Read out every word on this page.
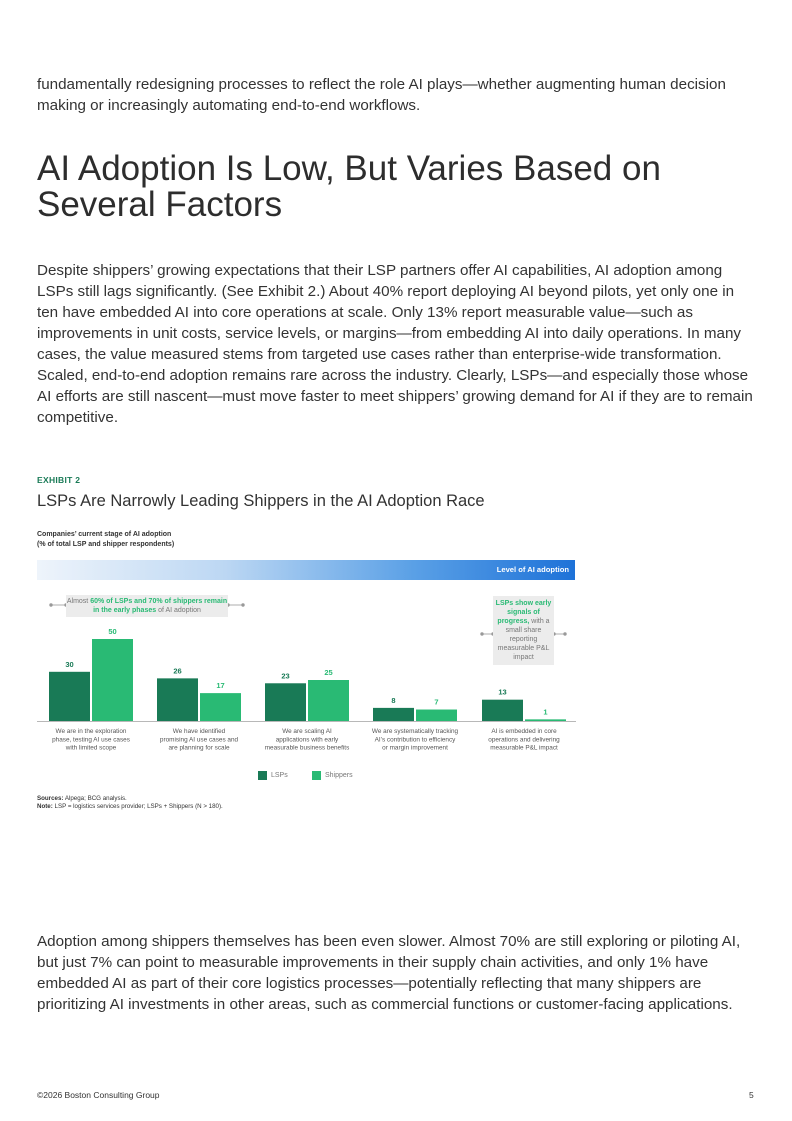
fundamentally redesigning processes to reflect the role AI plays—whether augmenting human decision making or increasingly automating end-to-end workflows.

AI Adoption Is Low, But Varies Based on Several Factors

Despite shippers’ growing expectations that their LSP partners offer AI capabilities, AI adoption among LSPs still lags significantly. (See Exhibit 2.) About 40% report deploying AI beyond pilots, yet only one in ten have embedded AI into core operations at scale. Only 13% report measurable value—such as improvements in unit costs, service levels, or margins—from embedding AI into daily operations. In many cases, the value measured stems from targeted use cases rather than enterprise-wide transformation. Scaled, end-to-end adoption remains rare across the industry. Clearly, LSPs—and especially those whose AI efforts are still nascent—must move faster to meet shippers’ growing demand for AI if they are to remain competitive.

EXHIBIT 2
LSPs Are Narrowly Leading Shippers in the AI Adoption Race
Companies’ current stage of AI adoption
(% of total LSP and shipper respondents)
Level of AI adoption
30
26
23
8
13
50
17
25
7
1
We are in the exploration
phase, testing AI use cases
with limited scope
We have identified
promising AI use cases and
are planning for scale
We are scaling AI
applications with early
measurable business benefits
We are systematically tracking
AI’s contribution to efficiency
or margin improvement
AI is embedded in core
operations and delivering
measurable P&L impact
Almost 60% of LSPs and 70% of shippers remain in the early phases of AI adoption
LSPs show early signals of progress, with a small share reporting measurable P&L impact
LSPs	Shippers
Sources: Alpega; BCG analysis.
Note: LSP = logistics services provider; LSPs + Shippers (N > 180).

Adoption among shippers themselves has been even slower. Almost 70% are still exploring or piloting AI, but just 7% can point to measurable improvements in their supply chain activities, and only 1% have embedded AI as part of their core logistics processes—potentially reflecting that many shippers are prioritizing AI investments in other areas, such as commercial functions or customer-facing applications.

©2026 Boston Consulting Group	5
